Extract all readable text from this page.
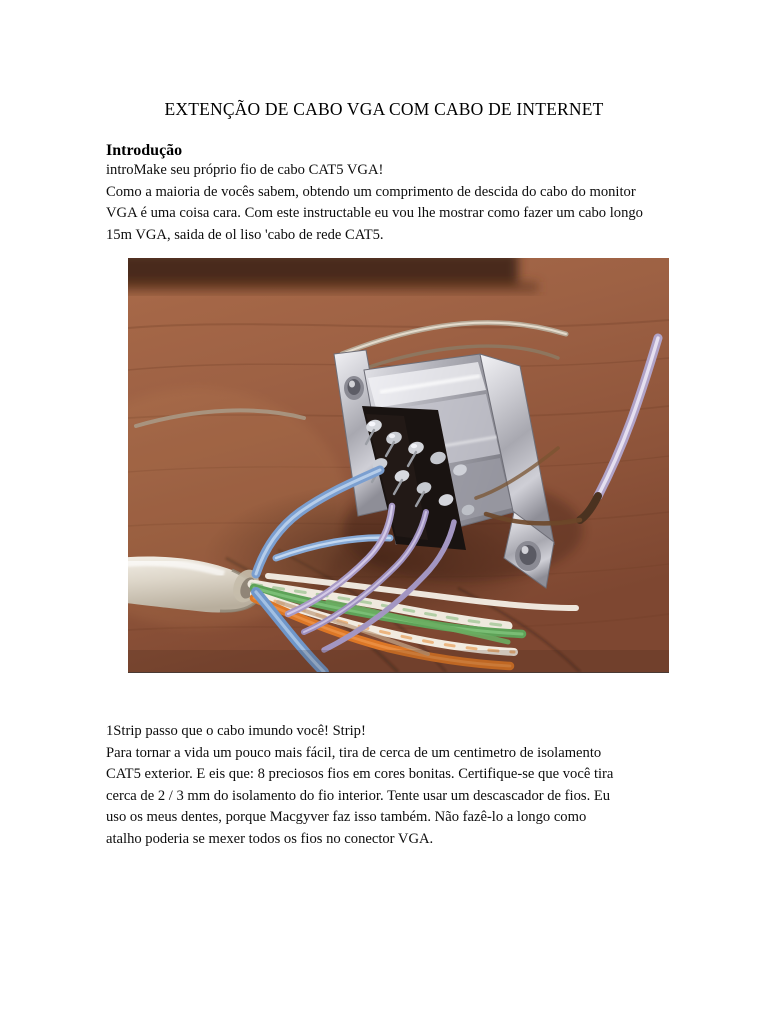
EXTENÇÃO DE CABO VGA COM CABO DE INTERNET
Introdução

introMake seu próprio fio de cabo CAT5 VGA!

Como a maioria de vocês sabem, obtendo um comprimento de descida do cabo do monitor

VGA é uma coisa cara. Com este instructable eu vou lhe mostrar como fazer um cabo longo

15m VGA, saida de ol liso 'cabo de rede CAT5.

1Strip passo que o cabo imundo você! Strip!

Para tornar a vida um pouco mais fácil, tira de cerca de um centimetro de isolamento

CAT5 exterior. E eis que: 8 preciosos fios em cores bonitas. Certifique-se que você tira

cerca de 2 / 3 mm do isolamento do fio interior. Tente usar um descascador de fios. Eu

uso os meus dentes, porque Macgyver faz isso também. Não fazê-lo a longo como

atalho poderia se mexer todos os fios no conector VGA.
